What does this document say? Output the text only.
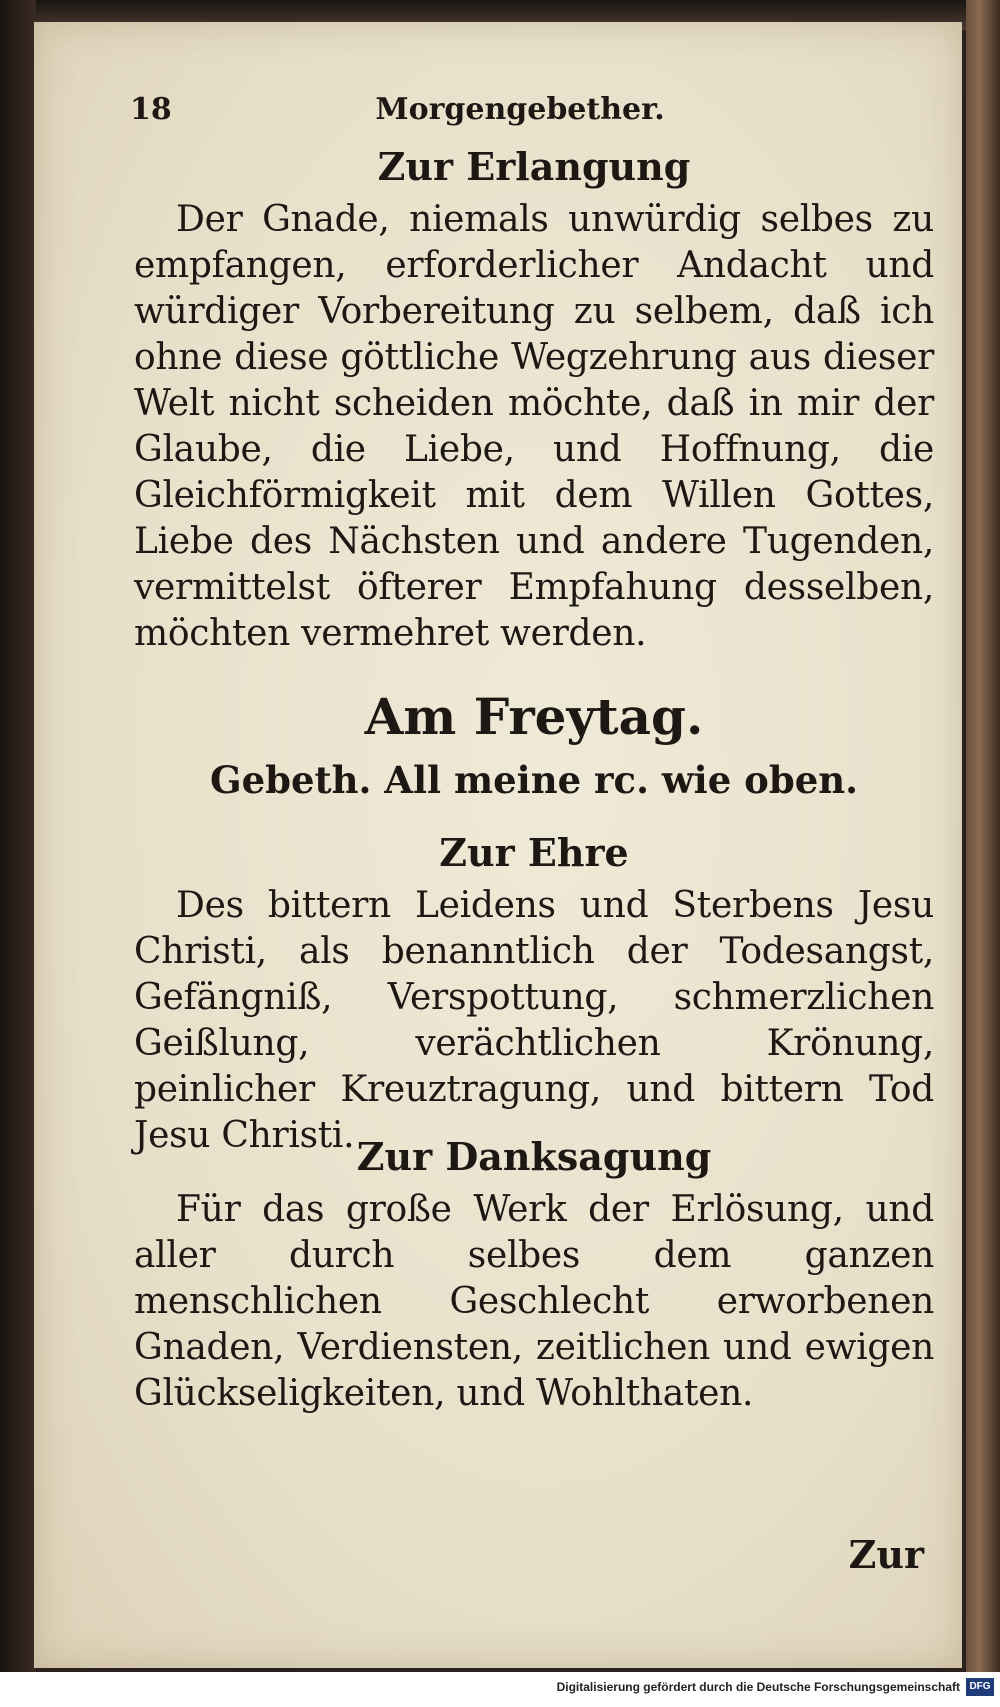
18	Morgengebether.
Zur Erlangung

Der Gnade, niemals unwürdig selbes zu empfangen, erforderlicher Andacht und würdiger Vorbereitung zu selbem, daß ich ohne diese göttliche Wegzehrung aus dieser Welt nicht scheiden möchte, daß in mir der Glaube, die Liebe, und Hoffnung, die Gleichförmigkeit mit dem Willen Gottes, Liebe des Nächsten und andere Tugenden, vermittelst öfterer Empfahung desselben, möchten vermehret werden.

Am Freytag.

Gebeth. All meine rc. wie oben.

Zur Ehre

Des bittern Leidens und Sterbens Jesu Christi, als benanntlich der Todesangst, Gefängniß, Verspottung, schmerzlichen Geißlung, verächtlichen Krönung, peinlicher Kreuztragung, und bittern Tod Jesu Christi. Zur Danksagung

Für das große Werk der Erlösung, und aller durch selbes dem ganzen menschlichen Geschlecht erworbenen Gnaden, Verdiensten, zeitlichen und ewigen Glückseligkeiten, und Wohlthaten.

Zur
Digitalisierung gefördert durch die Deutsche Forschungsgemeinschaft DFG
